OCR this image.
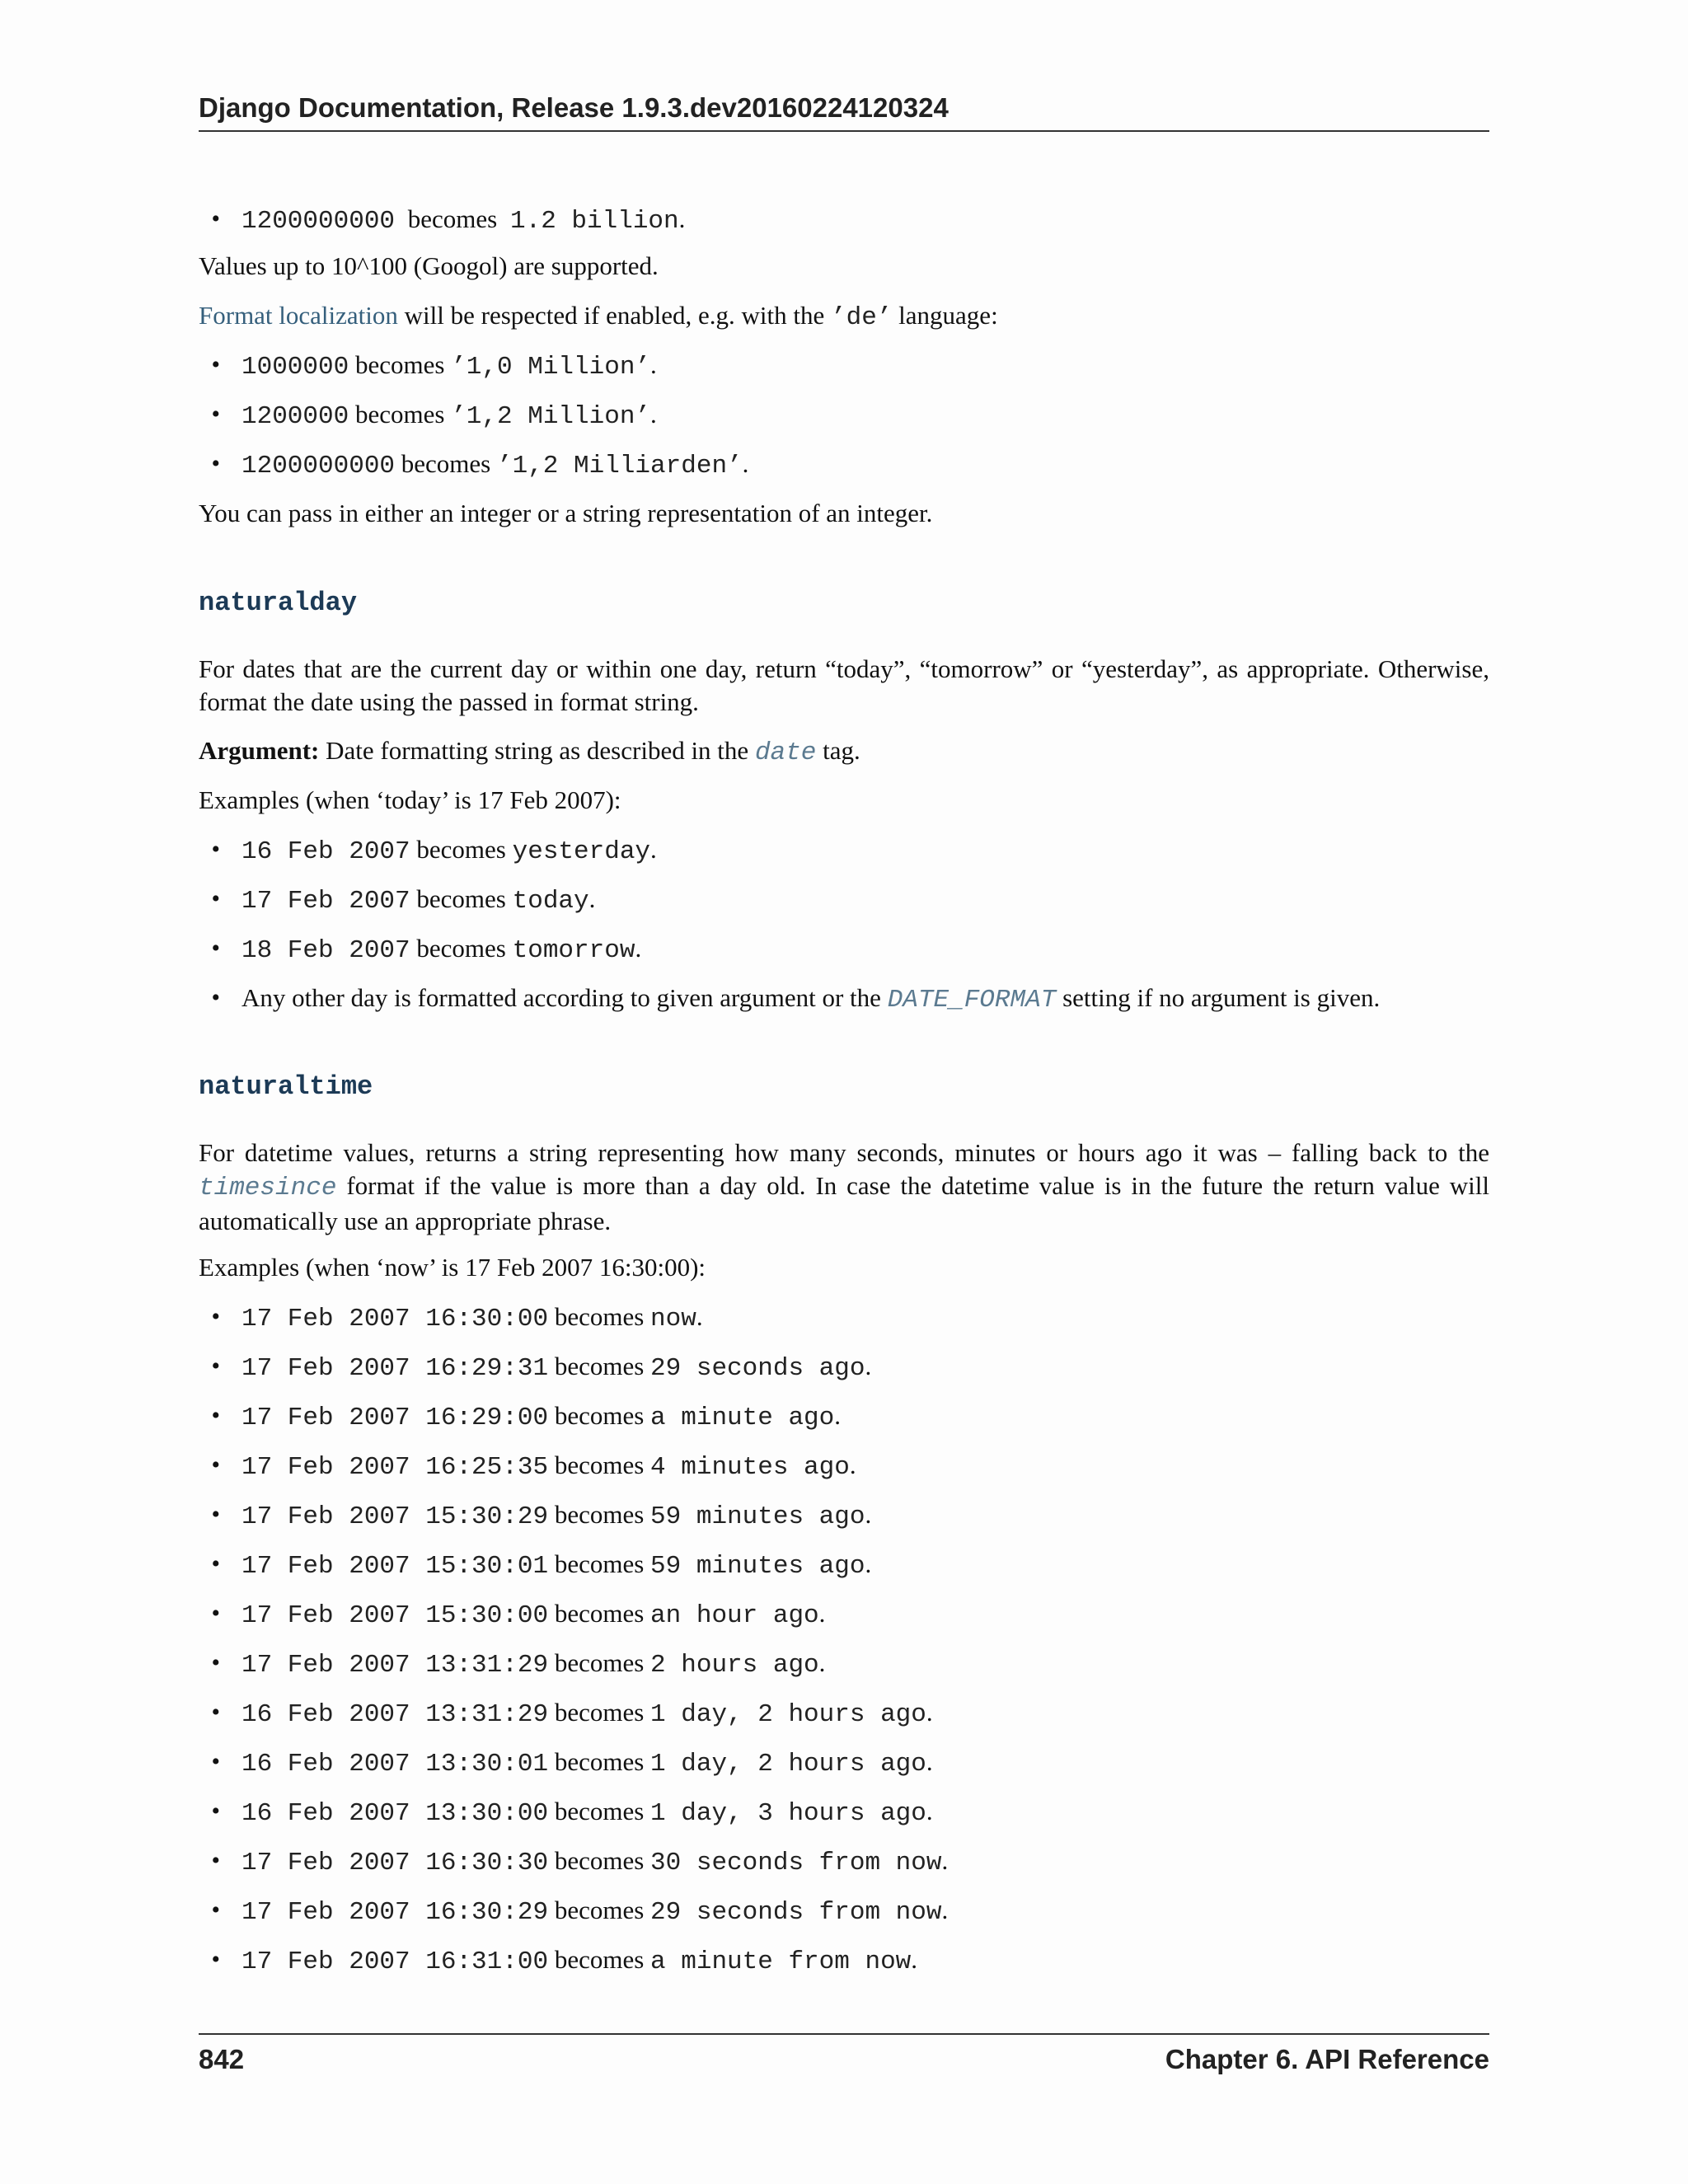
Django Documentation, Release 1.9.3.dev20160224120324
• 1200000000 becomes 1.2 billion.

Values up to 10^100 (Googol) are supported.

Format localization will be respected if enabled, e.g. with the ’de’ language:

• 1000000 becomes ’1,0 Million’.
• 1200000 becomes ’1,2 Million’.
• 1200000000 becomes ’1,2 Milliarden’.

You can pass in either an integer or a string representation of an integer.

naturalday

For dates that are the current day or within one day, return “today”, “tomorrow” or “yesterday”, as appropriate. Otherwise, format the date using the passed in format string.

Argument: Date formatting string as described in the date tag.

Examples (when ‘today’ is 17 Feb 2007):

• 16 Feb 2007 becomes yesterday.
• 17 Feb 2007 becomes today.
• 18 Feb 2007 becomes tomorrow.
• Any other day is formatted according to given argument or the DATE_FORMAT setting if no argument is given.
naturaltime

For datetime values, returns a string representing how many seconds, minutes or hours ago it was – falling back to the timesince format if the value is more than a day old. In case the datetime value is in the future the return value will automatically use an appropriate phrase.

Examples (when ‘now’ is 17 Feb 2007 16:30:00):

• 17 Feb 2007 16:30:00 becomes now.
• 17 Feb 2007 16:29:31 becomes 29 seconds ago.
• 17 Feb 2007 16:29:00 becomes a minute ago.
• 17 Feb 2007 16:25:35 becomes 4 minutes ago.
• 17 Feb 2007 15:30:29 becomes 59 minutes ago.
• 17 Feb 2007 15:30:01 becomes 59 minutes ago.
• 17 Feb 2007 15:30:00 becomes an hour ago.
• 17 Feb 2007 13:31:29 becomes 2 hours ago.
• 16 Feb 2007 13:31:29 becomes 1 day, 2 hours ago.
• 16 Feb 2007 13:30:01 becomes 1 day, 2 hours ago.
• 16 Feb 2007 13:30:00 becomes 1 day, 3 hours ago.
• 17 Feb 2007 16:30:30 becomes 30 seconds from now.
• 17 Feb 2007 16:30:29 becomes 29 seconds from now.
• 17 Feb 2007 16:31:00 becomes a minute from now.
842	Chapter 6. API Reference
